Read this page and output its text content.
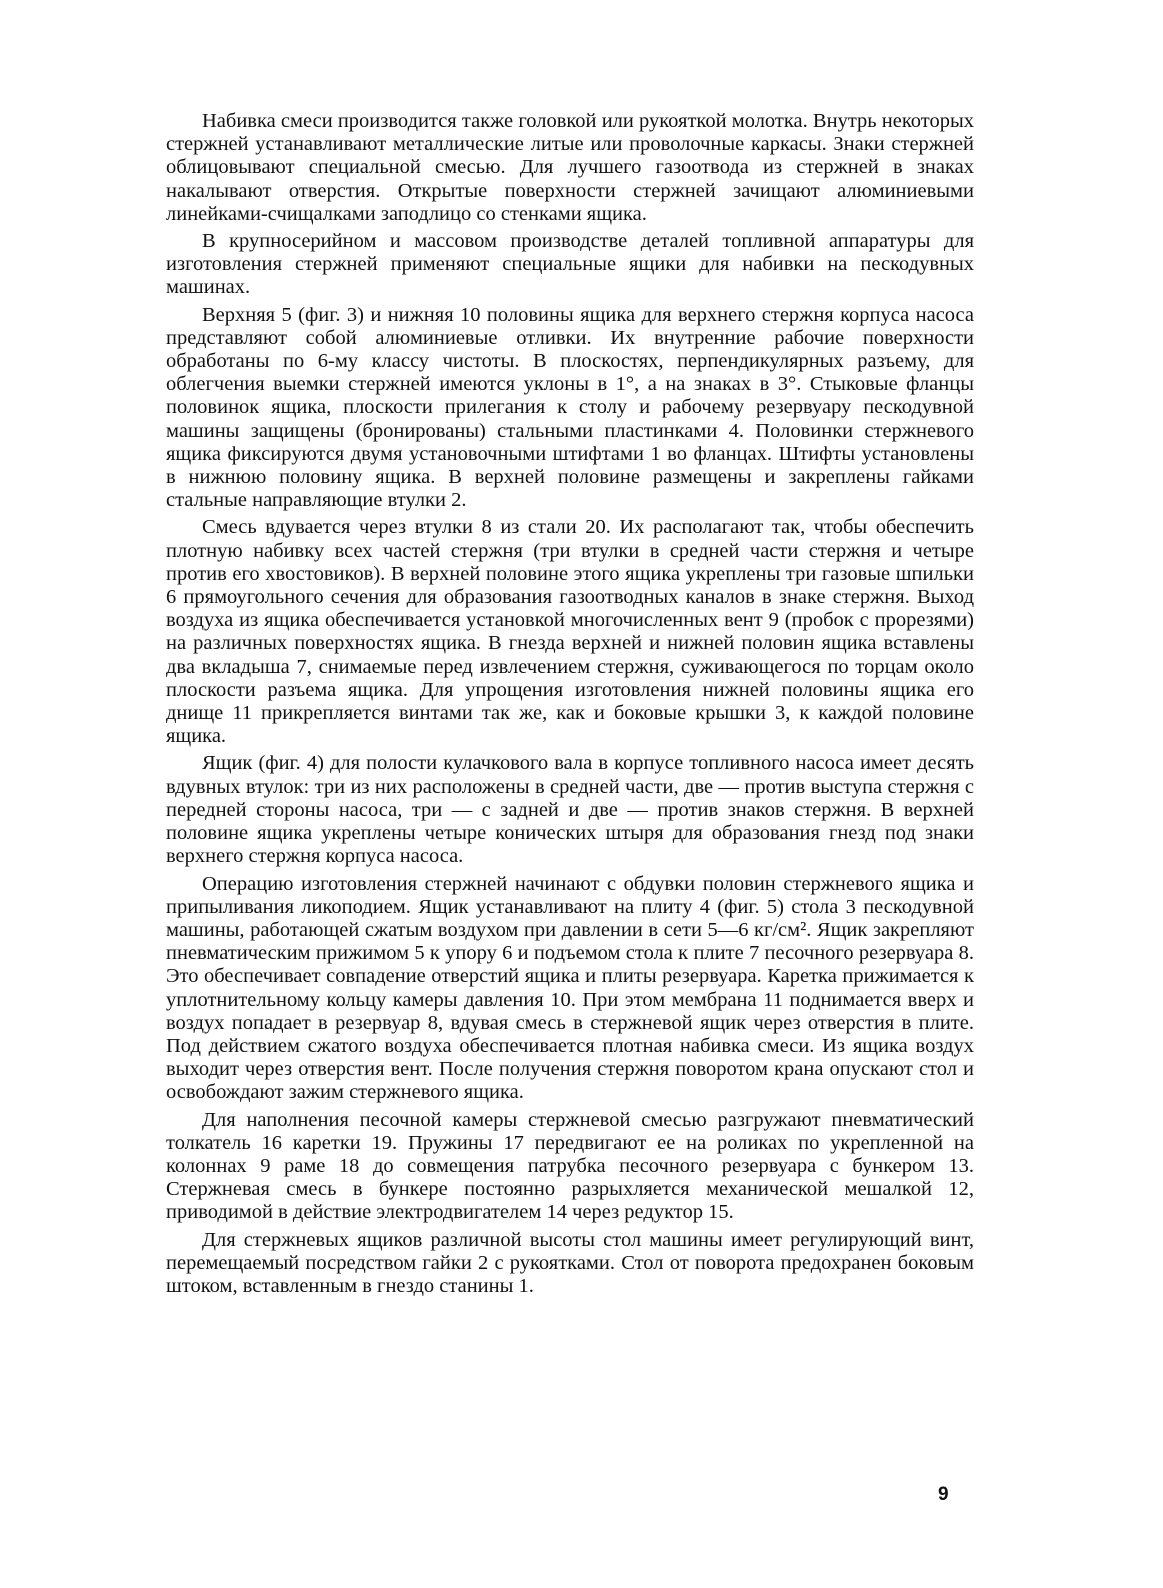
Набивка смеси производится также головкой или рукояткой молотка. Внутрь некоторых стержней устанавливают металлические литые или проволочные каркасы. Знаки стержней облицовывают специальной смесью. Для лучшего газоотвода из стержней в знаках накалывают отверстия. Открытые поверхности стержней зачищают алюминиевыми линейками-счищалками заподлицо со стенками ящика.

В крупносерийном и массовом производстве деталей топливной аппаратуры для изготовления стержней применяют специальные ящики для набивки на пескодувных машинах.

Верхняя 5 (фиг. 3) и нижняя 10 половины ящика для верхнего стержня корпуса насоса представляют собой алюминиевые отливки. Их внутренние рабочие поверхности обработаны по 6-му классу чистоты. В плоскостях, перпендикулярных разъему, для облегчения выемки стержней имеются уклоны в 1°, а на знаках в 3°. Стыковые фланцы половинок ящика, плоскости прилегания к столу и рабочему резервуару пескодувной машины защищены (бронированы) стальными пластинками 4. Половинки стержневого ящика фиксируются двумя установочными штифтами 1 во фланцах. Штифты установлены в нижнюю половину ящика. В верхней половине размещены и закреплены гайками стальные направляющие втулки 2.

Смесь вдувается через втулки 8 из стали 20. Их располагают так, чтобы обеспечить плотную набивку всех частей стержня (три втулки в средней части стержня и четыре против его хвостовиков). В верхней половине этого ящика укреплены три газовые шпильки 6 прямоугольного сечения для образования газоотводных каналов в знаке стержня. Выход воздуха из ящика обеспечивается установкой многочисленных вент 9 (пробок с прорезями) на различных поверхностях ящика. В гнезда верхней и нижней половин ящика вставлены два вкладыша 7, снимаемые перед извлечением стержня, суживающегося по торцам около плоскости разъема ящика. Для упрощения изготовления нижней половины ящика его днище 11 прикрепляется винтами так же, как и боковые крышки 3, к каждой половине ящика.

Ящик (фиг. 4) для полости кулачкового вала в корпусе топливного насоса имеет десять вдувных втулок: три из них расположены в средней части, две — против выступа стержня с передней стороны насоса, три — с задней и две — против знаков стержня. В верхней половине ящика укреплены четыре конических штыря для образования гнезд под знаки верхнего стержня корпуса насоса.

Операцию изготовления стержней начинают с обдувки половин стержневого ящика и припыливания ликоподием. Ящик устанавливают на плиту 4 (фиг. 5) стола 3 пескодувной машины, работающей сжатым воздухом при давлении в сети 5—6 кг/см². Ящик закрепляют пневматическим прижимом 5 к упору 6 и подъемом стола к плите 7 песочного резервуара 8. Это обеспечивает совпадение отверстий ящика и плиты резервуара. Каретка прижимается к уплотнительному кольцу камеры давления 10. При этом мембрана 11 поднимается вверх и воздух попадает в резервуар 8, вдувая смесь в стержневой ящик через отверстия в плите. Под действием сжатого воздуха обеспечивается плотная набивка смеси. Из ящика воздух выходит через отверстия вент. После получения стержня поворотом крана опускают стол и освобождают зажим стержневого ящика.

Для наполнения песочной камеры стержневой смесью разгружают пневматический толкатель 16 каретки 19. Пружины 17 передвигают ее на роликах по укрепленной на колоннах 9 раме 18 до совмещения патрубка песочного резервуара с бункером 13. Стержневая смесь в бункере постоянно разрыхляется механической мешалкой 12, приводимой в действие электродвигателем 14 через редуктор 15.

Для стержневых ящиков различной высоты стол машины имеет регулирующий винт, перемещаемый посредством гайки 2 с рукоятками. Стол от поворота предохранен боковым штоком, вставленным в гнездо станины 1.

9
